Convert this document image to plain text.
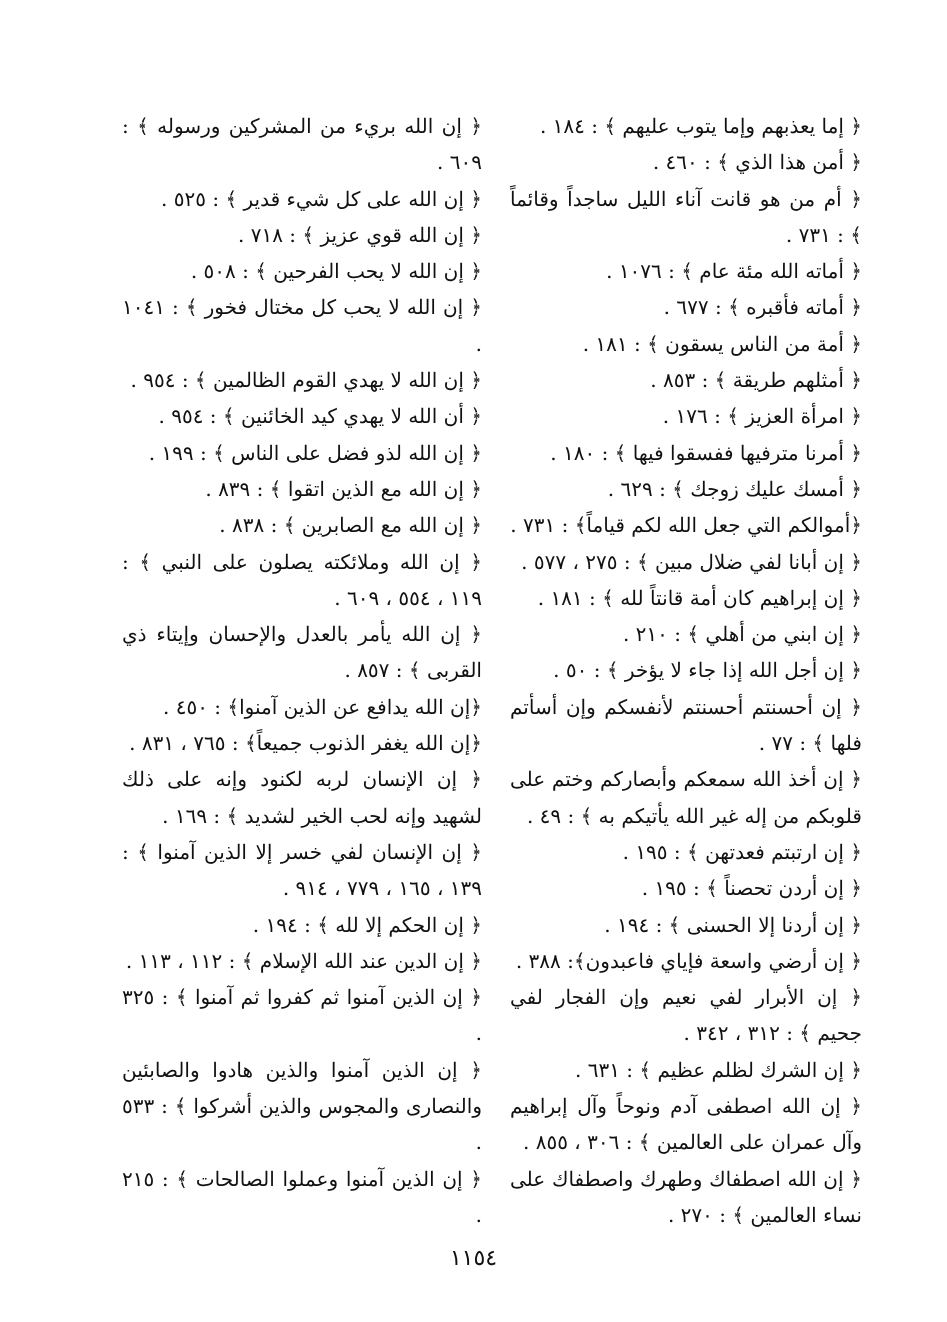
﴿ إما يعذبهم وإما يتوب عليهم ﴾ : ١٨٤ .
﴿ أمن هذا الذي ﴾ : ٤٦٠ .
﴿ أم من هو قانت آناء الليل ساجداً وقائماً ﴾ : ٧٣١ .
﴿ أماته الله مئة عام ﴾ : ١٠٧٦ .
﴿ أماته فأقبره ﴾ : ٦٧٧ .
﴿ أمة من الناس يسقون ﴾ : ١٨١ .
﴿ أمثلهم طريقة ﴾ : ٨٥٣ .
﴿ امرأة العزيز ﴾ : ١٧٦ .
﴿ أمرنا مترفيها ففسقوا فيها ﴾ : ١٨٠ .
﴿ أمسك عليك زوجك ﴾ : ٦٢٩ .
﴿أموالكم التي جعل الله لكم قياماً﴾ : ٧٣١ .
﴿ إن أبانا لفي ضلال مبين ﴾ : ٢٧٥ ، ٥٧٧ .
﴿ إن إبراهيم كان أمة قانتاً لله ﴾ : ١٨١ .
﴿ إن ابني من أهلي ﴾ : ٢١٠ .
﴿ إن أجل الله إذا جاء لا يؤخر ﴾ : ٥٠ .
﴿ إن أحسنتم أحسنتم لأنفسكم وإن أسأتم فلها ﴾ : ٧٧ .
﴿ إن أخذ الله سمعكم وأبصاركم وختم على قلوبكم من إله غير الله يأتيكم به ﴾ : ٤٩ .
﴿ إن ارتبتم فعدتهن ﴾ : ١٩٥ .
﴿ إن أردن تحصناً ﴾ : ١٩٥ .
﴿ إن أردنا إلا الحسنى ﴾ : ١٩٤ .
﴿ إن أرضي واسعة فإياي فاعبدون﴾: ٣٨٨ .
﴿ إن الأبرار لفي نعيم وإن الفجار لفي جحيم ﴾ : ٣١٢ ، ٣٤٢ .
﴿ إن الشرك لظلم عظيم ﴾ : ٦٣١ .
﴿ إن الله اصطفى آدم ونوحاً وآل إبراهيم وآل عمران على العالمين ﴾ : ٣٠٦ ، ٨٥٥ .
﴿ إن الله اصطفاك وطهرك واصطفاك على نساء العالمين ﴾ : ٢٧٠ .
﴿ إن الله بريء من المشركين ورسوله ﴾ : ٦٠٩ .
﴿ إن الله على كل شيء قدير ﴾ : ٥٢٥ .
﴿ إن الله قوي عزيز ﴾ : ٧١٨ .
﴿ إن الله لا يحب الفرحين ﴾ : ٥٠٨ .
﴿ إن الله لا يحب كل مختال فخور ﴾ : ١٠٤١ .
﴿ إن الله لا يهدي القوم الظالمين ﴾ : ٩٥٤ .
﴿ أن الله لا يهدي كيد الخائنين ﴾ : ٩٥٤ .
﴿ إن الله لذو فضل على الناس ﴾ : ١٩٩ .
﴿ إن الله مع الذين اتقوا ﴾ : ٨٣٩ .
﴿ إن الله مع الصابرين ﴾ : ٨٣٨ .
﴿ إن الله وملائكته يصلون على النبي ﴾ : ١١٩ ، ٥٥٤ ، ٦٠٩ .
﴿ إن الله يأمر بالعدل والإحسان وإيتاء ذي القربى ﴾ : ٨٥٧ .
﴿إن الله يدافع عن الذين آمنوا﴾ : ٤٥٠ .
﴿إن الله يغفر الذنوب جميعاً﴾ : ٧٦٥ ، ٨٣١ .
﴿ إن الإنسان لربه لكنود وإنه على ذلك لشهيد وإنه لحب الخير لشديد ﴾ : ١٦٩ .
﴿ إن الإنسان لفي خسر إلا الذين آمنوا ﴾ : ١٣٩ ، ١٦٥ ، ٧٧٩ ، ٩١٤ .
﴿ إن الحكم إلا لله ﴾ : ١٩٤ .
﴿ إن الدين عند الله الإسلام ﴾ : ١١٢ ، ١١٣ .
﴿ إن الذين آمنوا ثم كفروا ثم آمنوا ﴾ : ٣٢٥ .
﴿ إن الذين آمنوا والذين هادوا والصابئين والنصارى والمجوس والذين أشركوا ﴾ : ٥٣٣ .
﴿ إن الذين آمنوا وعملوا الصالحات ﴾ : ٢١٥ .
١١٥٤
